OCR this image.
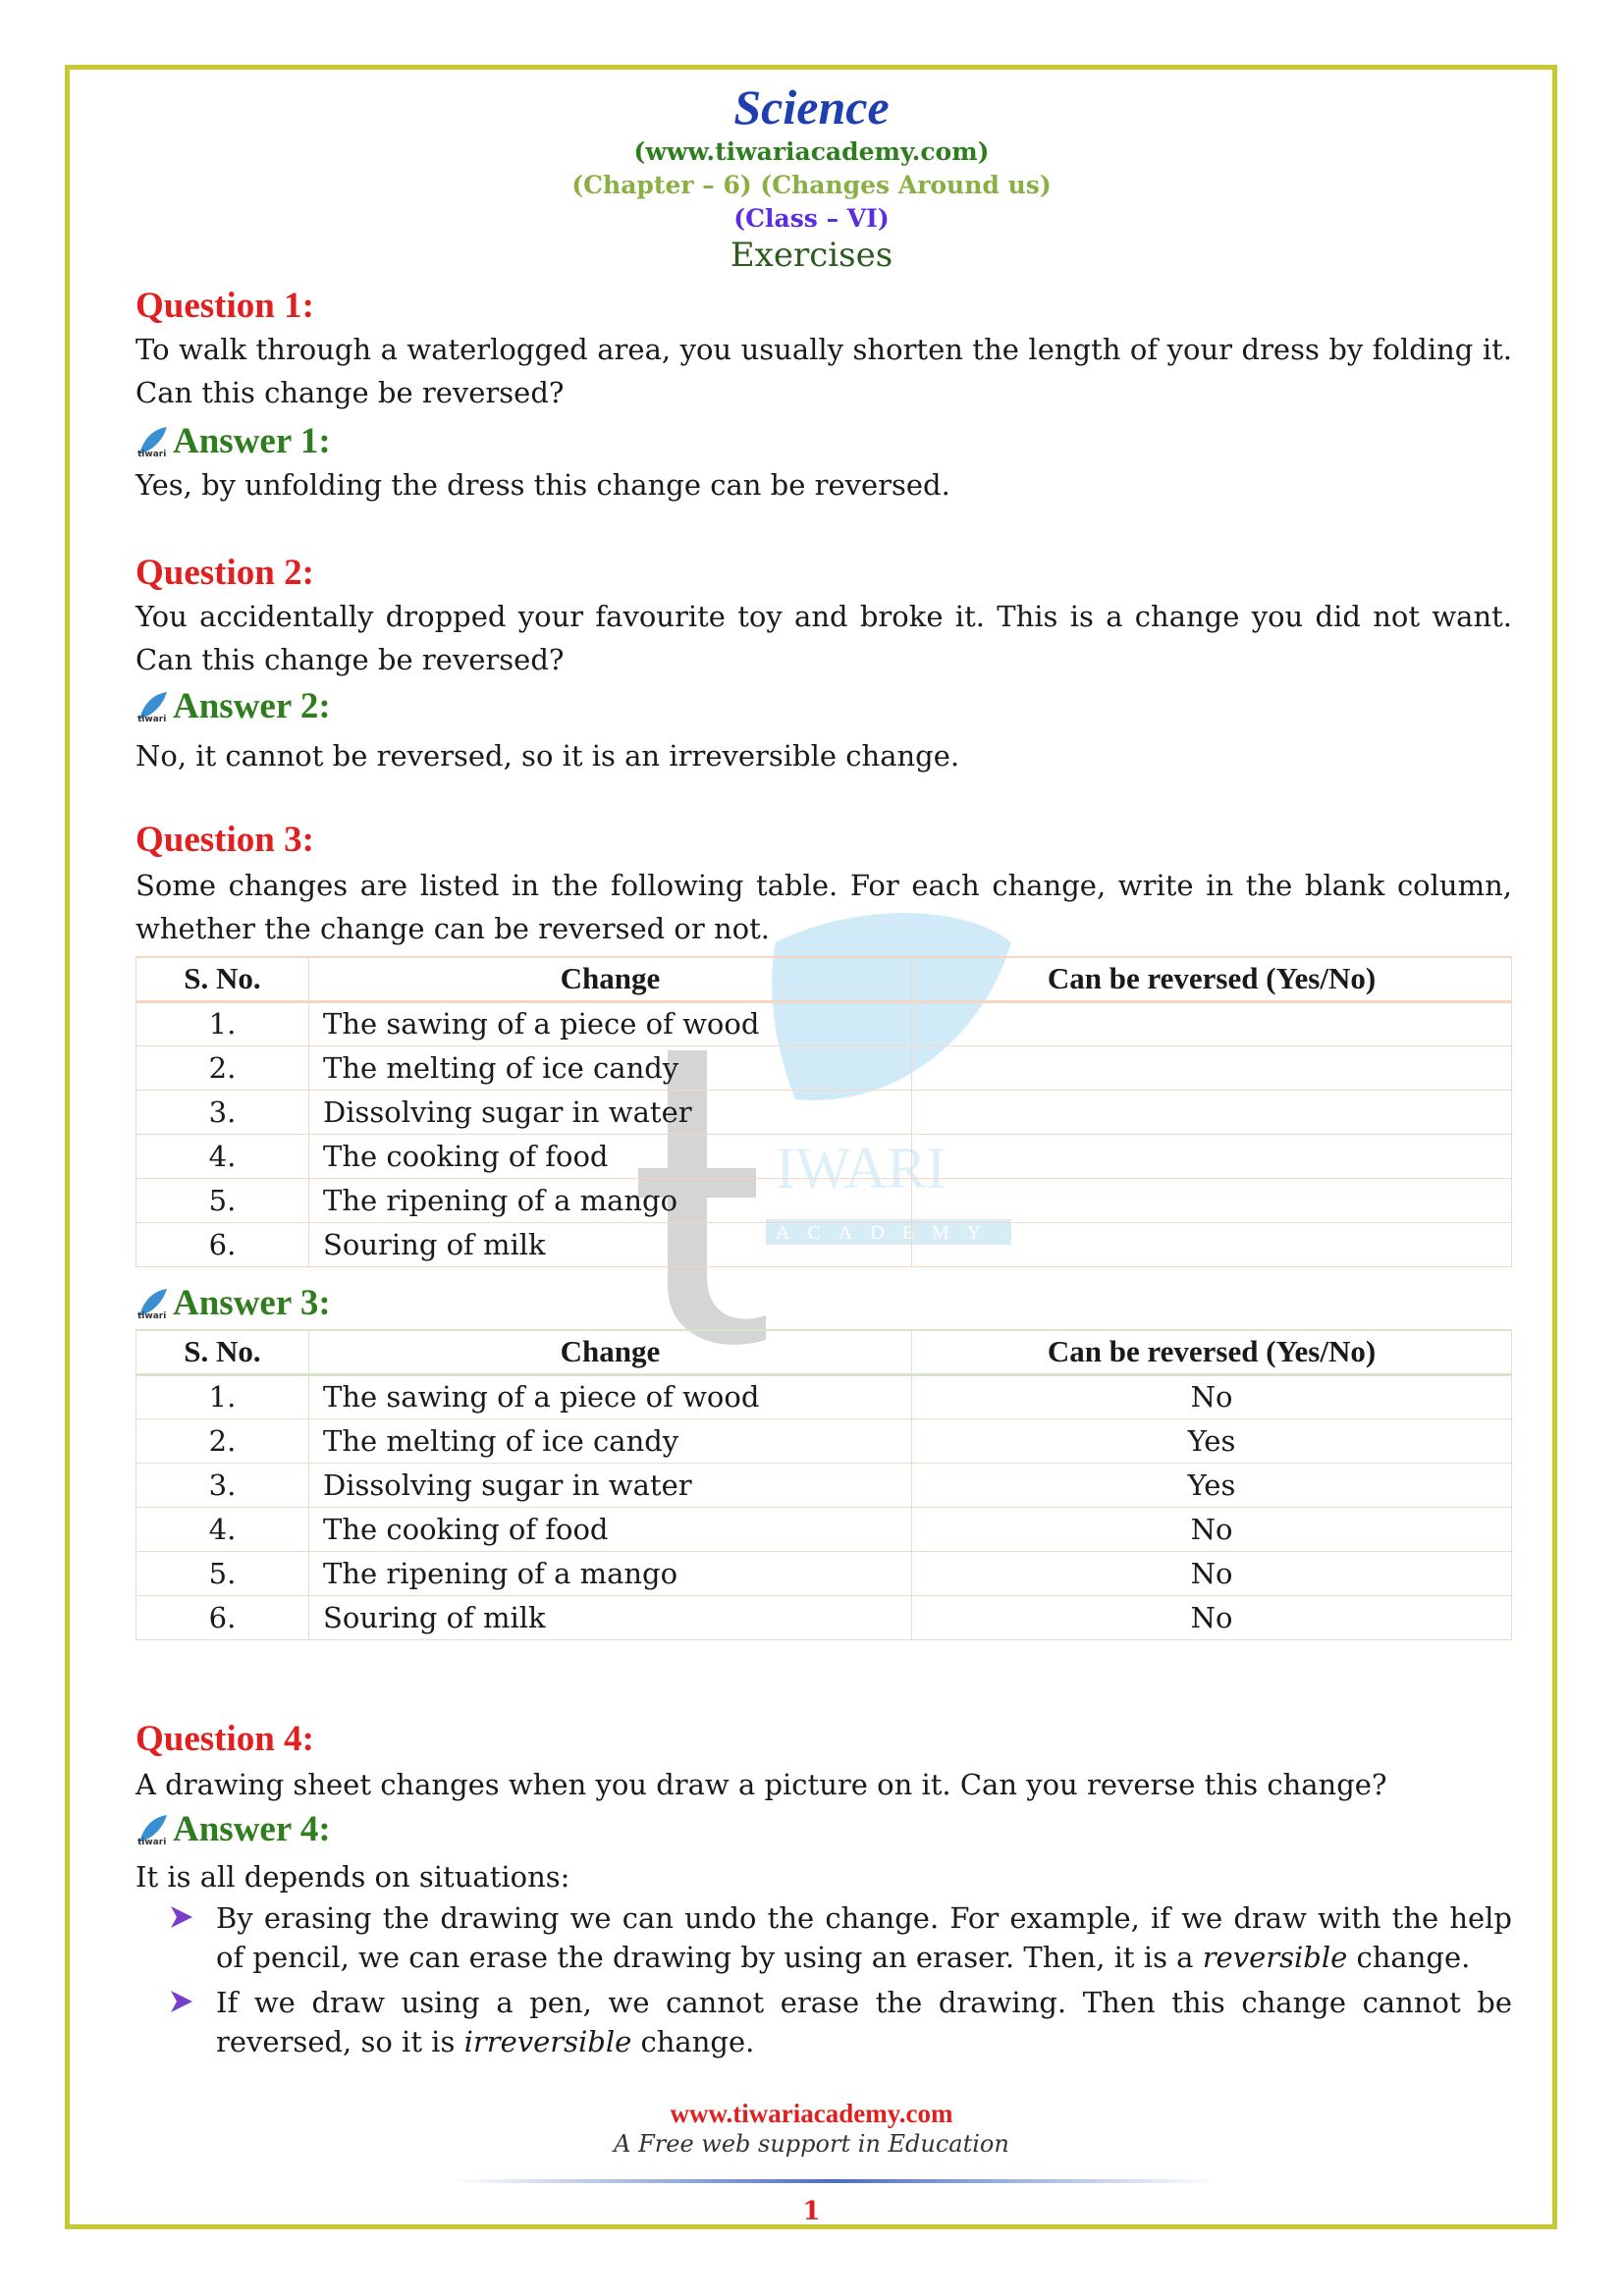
IWARI
ACADEMY
Science
(www.tiwariacademy.com)
(Chapter – 6) (Changes Around us)
(Class – VI)
Exercises
Question 1:
To walk through a waterlogged area, you usually shorten the length of your dress by folding it. Can this change be reversed?
tiwari Answer 1:
Yes, by unfolding the dress this change can be reversed.
Question 2:
You accidentally dropped your favourite toy and broke it. This is a change you did not want. Can this change be reversed?
tiwari Answer 2:
No, it cannot be reversed, so it is an irreversible change.
Question 3:
Some changes are listed in the following table. For each change, write in the blank column, whether the change can be reversed or not.
S. No.	Change	Can be reversed (Yes/No)
1.	The sawing of a piece of wood	
2.	The melting of ice candy	
3.	Dissolving sugar in water	
4.	The cooking of food	
5.	The ripening of a mango	
6.	Souring of milk	
tiwari Answer 3:
S. No.	Change	Can be reversed (Yes/No)
1.	The sawing of a piece of wood	No
2.	The melting of ice candy	Yes
3.	Dissolving sugar in water	Yes
4.	The cooking of food	No
5.	The ripening of a mango	No
6.	Souring of milk	No
Question 4:
A drawing sheet changes when you draw a picture on it. Can you reverse this change?
tiwari Answer 4:
It is all depends on situations:
By erasing the drawing we can undo the change. For example, if we draw with the help of pencil, we can erase the drawing by using an eraser. Then, it is a reversible change.
If we draw using a pen, we cannot erase the drawing. Then this change cannot be reversed, so it is irreversible change.
www.tiwariacademy.com
A Free web support in Education
1
